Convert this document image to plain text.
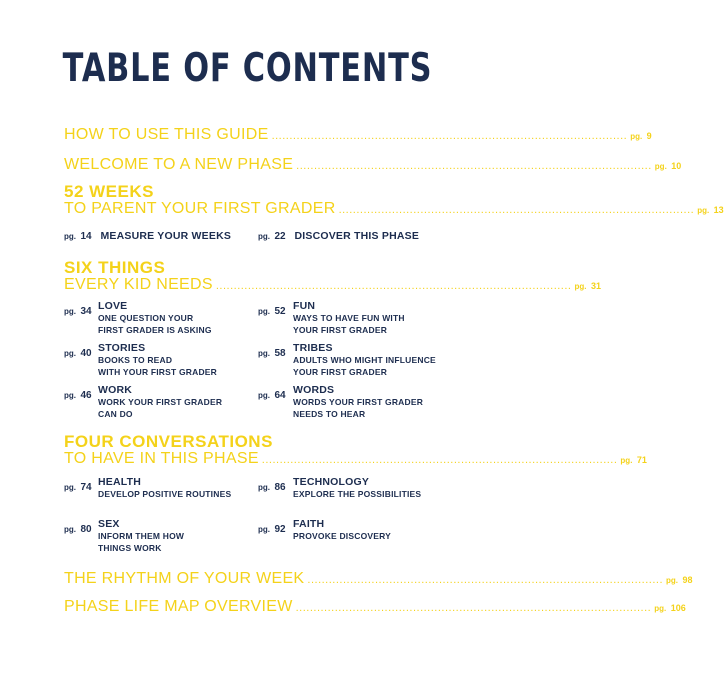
TABLE OF CONTENTS
HOW TO USE THIS GUIDE .................................................................................................... pg.
9
WELCOME TO A NEW PHASE .................................................................................................... pg.
10
52 WEEKS
TO PARENT YOUR FIRST GRADER .................................................................................................... pg.
13
pg.
14
MEASURE YOUR WEEKS	pg.
22
DISCOVER THIS PHASE
SIX THINGS
EVERY KID NEEDS .................................................................................................... pg.
31
pg. 34 LOVE
ONE QUESTION YOUR
FIRST GRADER IS ASKING
pg. 52 FUN
WAYS TO HAVE FUN WITH
YOUR FIRST GRADER
pg. 40 STORIES
BOOKS TO READ
WITH YOUR FIRST GRADER
pg. 58 TRIBES
ADULTS WHO MIGHT INFLUENCE
YOUR FIRST GRADER
pg. 46 WORK
WORK YOUR FIRST GRADER
CAN DO
pg. 64 WORDS
WORDS YOUR FIRST GRADER
NEEDS TO HEAR
FOUR CONVERSATIONS
TO HAVE IN THIS PHASE .................................................................................................... pg.
71
pg. 74 HEALTH
DEVELOP POSITIVE ROUTINES
pg. 86 TECHNOLOGY
EXPLORE THE POSSIBILITIES
pg. 80 SEX
INFORM THEM HOW
THINGS WORK
pg. 92 FAITH
PROVOKE DISCOVERY
THE RHYTHM OF YOUR WEEK .................................................................................................... pg.
98
PHASE LIFE MAP OVERVIEW .................................................................................................... pg.
106
